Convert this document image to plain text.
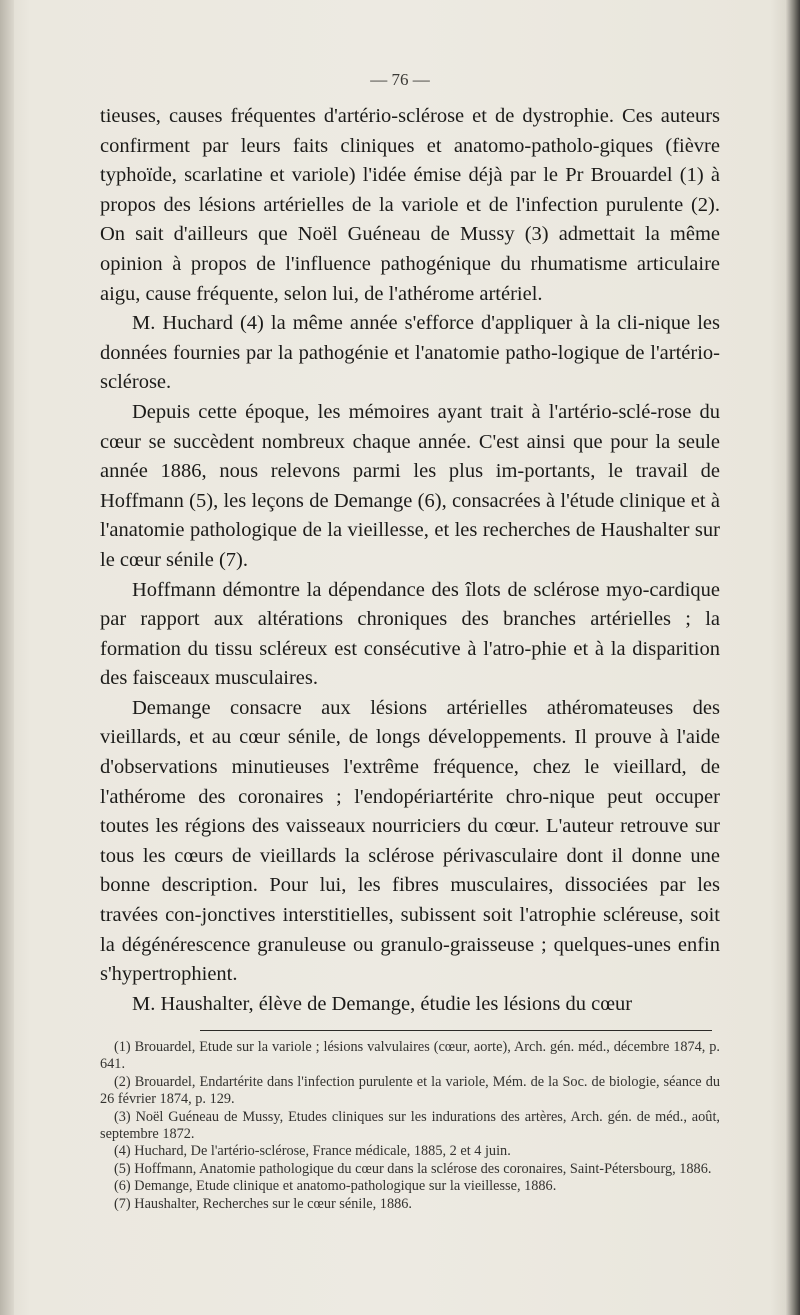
— 76 —

tieuses, causes fréquentes d'artério-sclérose et de dystrophie. Ces auteurs confirment par leurs faits cliniques et anatomo-patholo-giques (fièvre typhoïde, scarlatine et variole) l'idée émise déjà par le Pr Brouardel (1) à propos des lésions artérielles de la variole et de l'infection purulente (2). On sait d'ailleurs que Noël Guéneau de Mussy (3) admettait la même opinion à propos de l'influence pathogénique du rhumatisme articulaire aigu, cause fréquente, selon lui, de l'athérome artériel.

M. Huchard (4) la même année s'efforce d'appliquer à la cli-nique les données fournies par la pathogénie et l'anatomie patho-logique de l'artério-sclérose.

Depuis cette époque, les mémoires ayant trait à l'artério-sclé-rose du cœur se succèdent nombreux chaque année. C'est ainsi que pour la seule année 1886, nous relevons parmi les plus im-portants, le travail de Hoffmann (5), les leçons de Demange (6), consacrées à l'étude clinique et à l'anatomie pathologique de la vieillesse, et les recherches de Haushalter sur le cœur sénile (7).

Hoffmann démontre la dépendance des îlots de sclérose myo-cardique par rapport aux altérations chroniques des branches artérielles ; la formation du tissu scléreux est consécutive à l'atro-phie et à la disparition des faisceaux musculaires.

Demange consacre aux lésions artérielles athéromateuses des vieillards, et au cœur sénile, de longs développements. Il prouve à l'aide d'observations minutieuses l'extrême fréquence, chez le vieillard, de l'athérome des coronaires ; l'endopériartérite chro-nique peut occuper toutes les régions des vaisseaux nourriciers du cœur. L'auteur retrouve sur tous les cœurs de vieillards la sclérose périvasculaire dont il donne une bonne description. Pour lui, les fibres musculaires, dissociées par les travées con-jonctives interstitielles, subissent soit l'atrophie scléreuse, soit la dégénérescence granuleuse ou granulo-graisseuse ; quelques-unes enfin s'hypertrophient.

M. Haushalter, élève de Demange, étudie les lésions du cœur

(1) Brouardel, Etude sur la variole ; lésions valvulaires (cœur, aorte), Arch. gén. méd., décembre 1874, p. 641.

(2) Brouardel, Endartérite dans l'infection purulente et la variole, Mém. de la Soc. de biologie, séance du 26 février 1874, p. 129.

(3) Noël Guéneau de Mussy, Etudes cliniques sur les indurations des artères, Arch. gén. de méd., août, septembre 1872.

(4) Huchard, De l'artério-sclérose, France médicale, 1885, 2 et 4 juin.

(5) Hoffmann, Anatomie pathologique du cœur dans la sclérose des coronaires, Saint-Pétersbourg, 1886.

(6) Demange, Etude clinique et anatomo-pathologique sur la vieillesse, 1886.

(7) Haushalter, Recherches sur le cœur sénile, 1886.
